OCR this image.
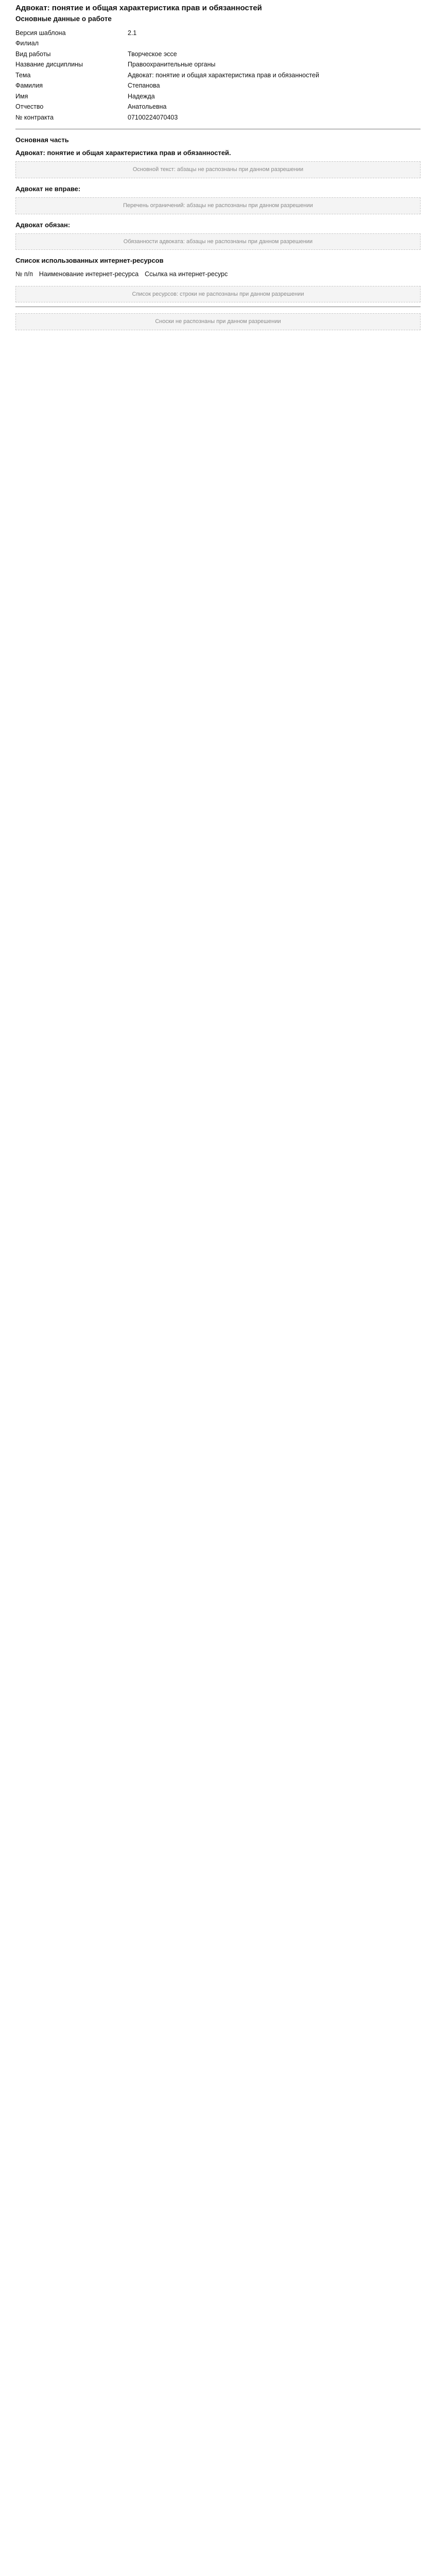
Адвокат: понятие и общая характеристика прав и обязанностей
Основные данные о работе
Версия шаблона	2.1
Филиал	
Вид работы	Творческое эссе
Название дисциплины	Правоохранительные органы
Тема	Адвокат: понятие и общая характеристика прав и обязанностей
Фамилия	Степанова
Имя	Надежда
Отчество	Анатольевна
№ контракта	07100224070403
Основная часть
Адвокат: понятие и общая характеристика прав и обязанностей.
Основной текст: абзацы не распознаны при данном разрешении
Адвокат не вправе:
Перечень ограничений: абзацы не распознаны при данном разрешении
Адвокат обязан:
Обязанности адвоката: абзацы не распознаны при данном разрешении
Список использованных интернет-ресурсов
№ п/п	Наименование интернет-ресурса	Ссылка на интернет-ресурс
Список ресурсов: строки не распознаны при данном разрешении
Сноски не распознаны при данном разрешении
